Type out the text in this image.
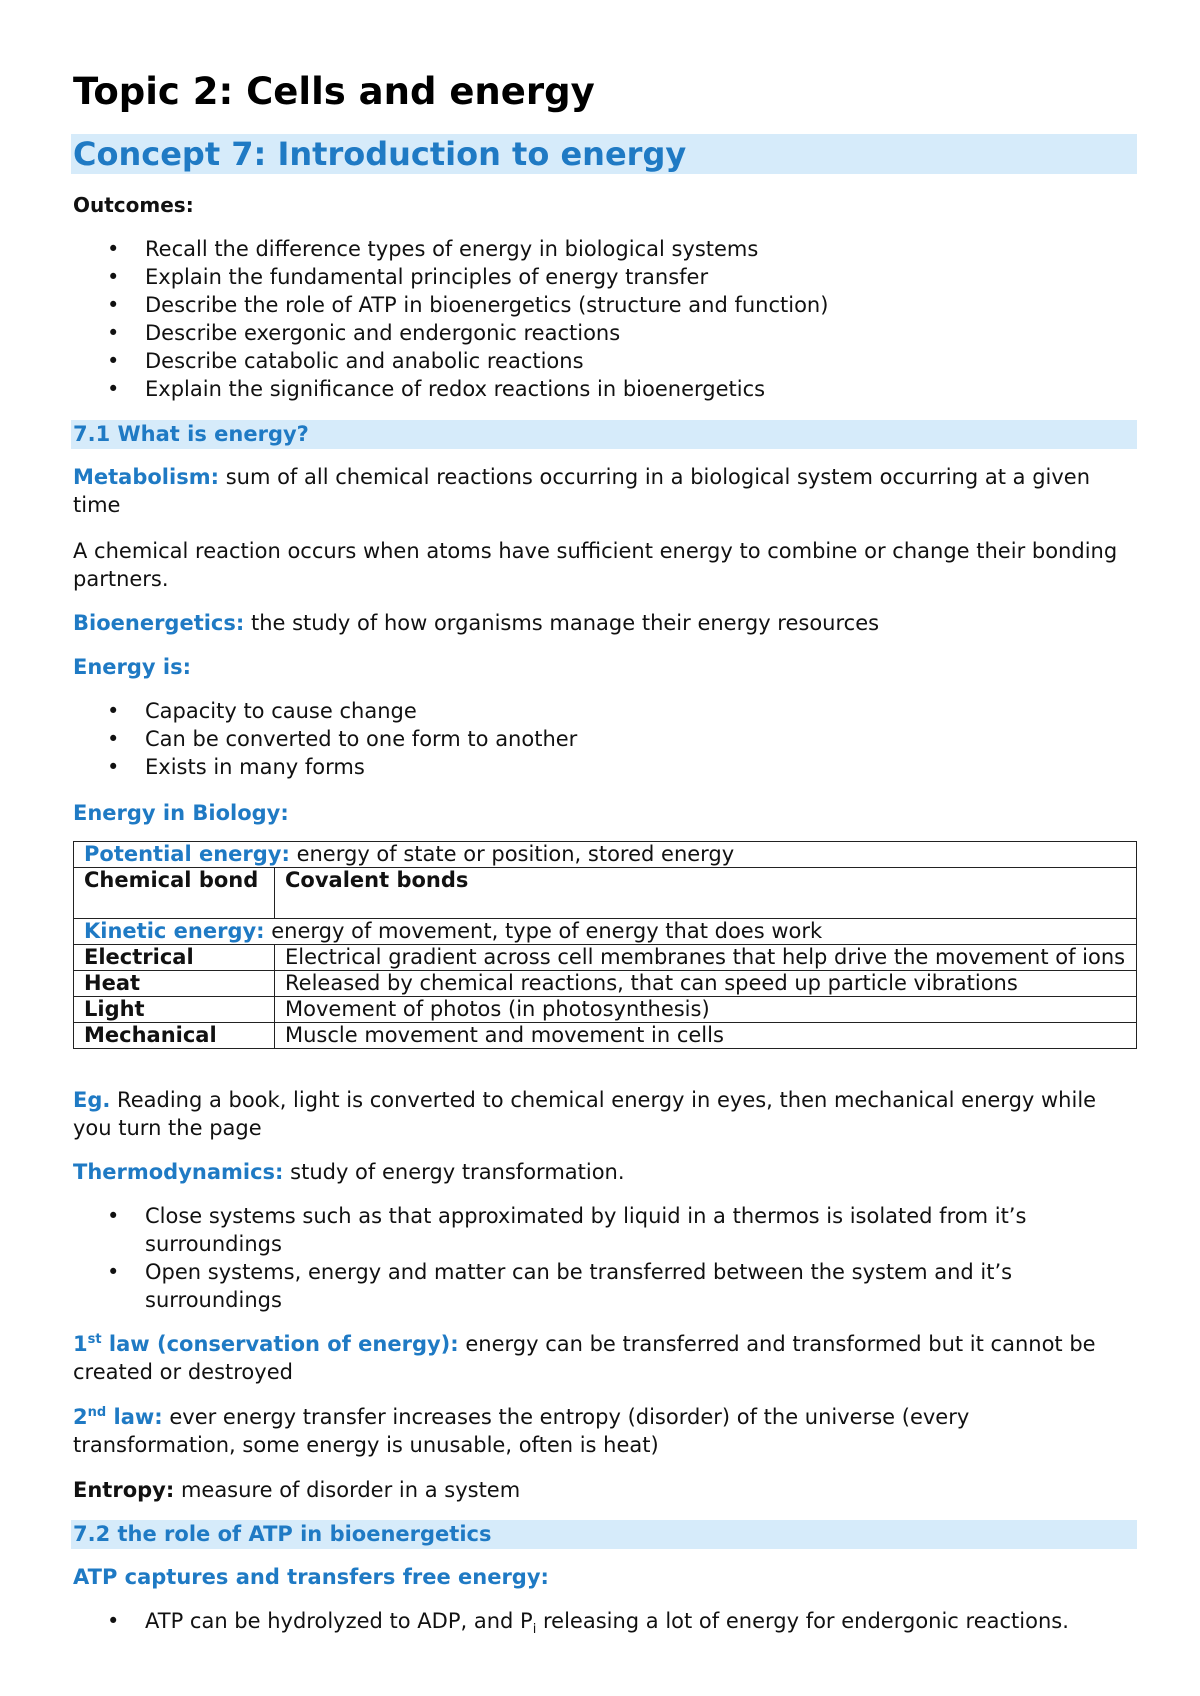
Topic 2: Cells and energy
Concept 7: Introduction to energy
Outcomes:
• Recall the difference types of energy in biological systems
• Explain the fundamental principles of energy transfer
• Describe the role of ATP in bioenergetics (structure and function)
• Describe exergonic and endergonic reactions
• Describe catabolic and anabolic reactions
• Explain the significance of redox reactions in bioenergetics
7.1 What is energy?

Metabolism: sum of all chemical reactions occurring in a biological system occurring at a given time

A chemical reaction occurs when atoms have sufficient energy to combine or change their bonding partners.

Bioenergetics: the study of how organisms manage their energy resources

Energy is:

• Capacity to cause change
• Can be converted to one form to another
• Exists in many forms

Energy in Biology:

Potential energy: energy of state or position, stored energy	
Chemical bond	Covalent bonds
Kinetic energy: energy of movement, type of energy that does work	
Electrical	Electrical gradient across cell membranes that help drive the movement of ions
Heat	Released by chemical reactions, that can speed up particle vibrations
Light	Movement of photos (in photosynthesis)
Mechanical	Muscle movement and movement in cells

Eg. Reading a book, light is converted to chemical energy in eyes, then mechanical energy while you turn the page

Thermodynamics: study of energy transformation.

• Close systems such as that approximated by liquid in a thermos is isolated from it’s surroundings
• Open systems, energy and matter can be transferred between the system and it’s surroundings

1st law (conservation of energy): energy can be transferred and transformed but it cannot be created or destroyed

2nd law: ever energy transfer increases the entropy (disorder) of the universe (every transformation, some energy is unusable, often is heat)

Entropy: measure of disorder in a system

7.2 the role of ATP in bioenergetics

ATP captures and transfers free energy:

• ATP can be hydrolyzed to ADP, and $P_i$ releasing a lot of energy for endergonic reactions.
